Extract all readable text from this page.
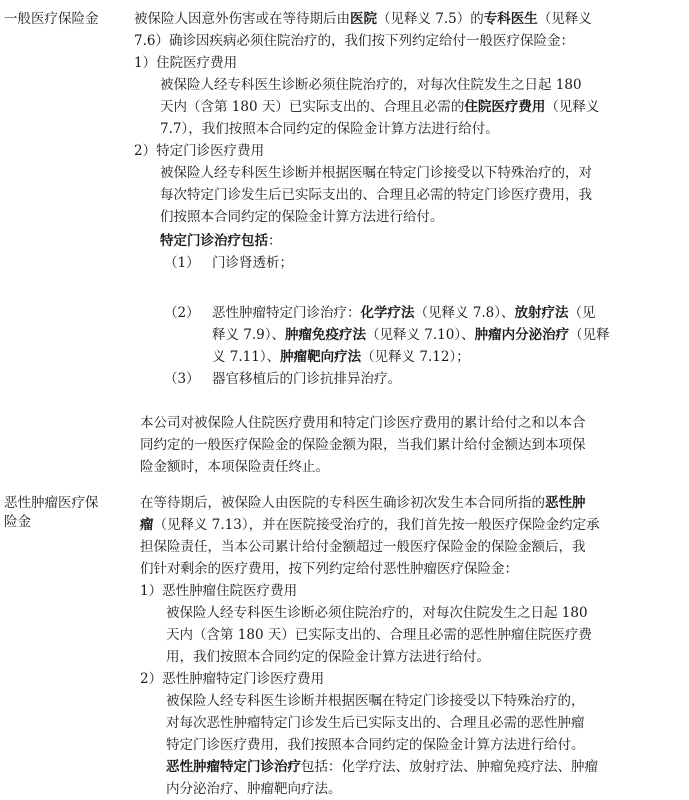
一般医疗保险金	被保险人因意外伤害或在等待期后由医院（见释义 7.5）的专科医生（见释义
7.6）确诊因疾病必须住院治疗的，我们按下列约定给付一般医疗保险金：
1）住院医疗费用
被保险人经专科医生诊断必须住院治疗的，对每次住院发生之日起 180
天内（含第 180 天）已实际支出的、合理且必需的住院医疗费用（见释义
7.7），我们按照本合同约定的保险金计算方法进行给付。
2）特定门诊医疗费用
被保险人经专科医生诊断并根据医嘱在特定门诊接受以下特殊治疗的，对
每次特定门诊发生后已实际支出的、合理且必需的特定门诊医疗费用，我
们按照本合同约定的保险金计算方法进行给付。
特定门诊治疗包括：
（1） 门诊肾透析；
（2） 恶性肿瘤特定门诊治疗：化学疗法（见释义 7.8）、放射疗法（见
释义 7.9）、肿瘤免疫疗法（见释义 7.10）、肿瘤内分泌治疗（见释
义 7.11）、肿瘤靶向疗法（见释义 7.12）；
（3） 器官移植后的门诊抗排异治疗。
本公司对被保险人住院医疗费用和特定门诊医疗费用的累计给付之和以本合
同约定的一般医疗保险金的保险金额为限，当我们累计给付金额达到本项保
险金额时，本项保险责任终止。
恶性肿瘤医疗保
险金
在等待期后，被保险人由医院的专科医生确诊初次发生本合同所指的恶性肿
瘤（见释义 7.13），并在医院接受治疗的，我们首先按一般医疗保险金约定承
担保险责任，当本公司累计给付金额超过一般医疗保险金的保险金额后，我
们针对剩余的医疗费用，按下列约定给付恶性肿瘤医疗保险金：
1）恶性肿瘤住院医疗费用
被保险人经专科医生诊断必须住院治疗的，对每次住院发生之日起 180
天内（含第 180 天）已实际支出的、合理且必需的恶性肿瘤住院医疗费
用，我们按照本合同约定的保险金计算方法进行给付。
2）恶性肿瘤特定门诊医疗费用
被保险人经专科医生诊断并根据医嘱在特定门诊接受以下特殊治疗的，
对每次恶性肿瘤特定门诊发生后已实际支出的、合理且必需的恶性肿瘤
特定门诊医疗费用，我们按照本合同约定的保险金计算方法进行给付。
恶性肿瘤特定门诊治疗包括：化学疗法、放射疗法、肿瘤免疫疗法、肿瘤
内分泌治疗、肿瘤靶向疗法。
